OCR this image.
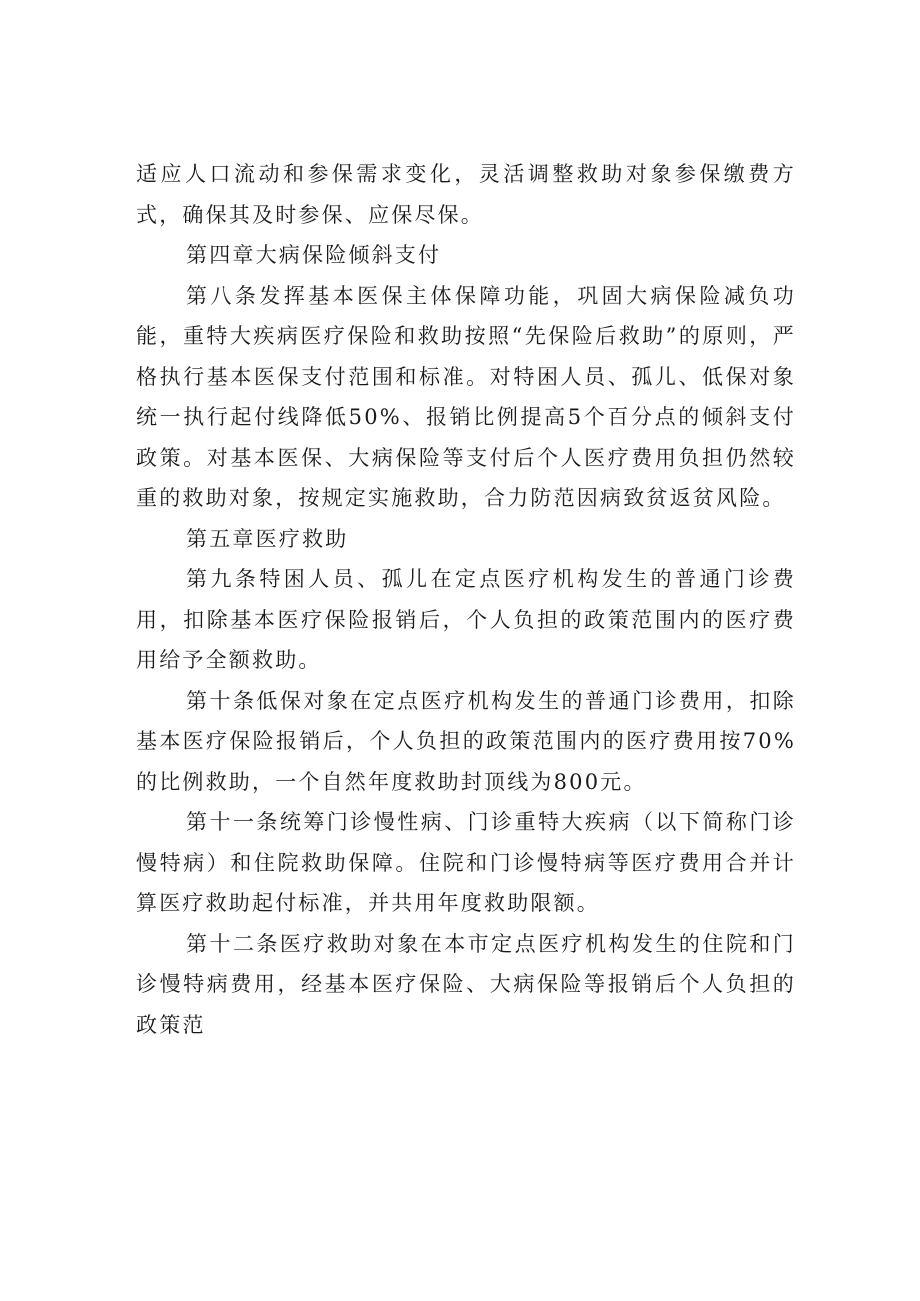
适应人口流动和参保需求变化，灵活调整救助对象参保缴费方式，确保其及时参保、应保尽保。

第四章大病保险倾斜支付

第八条发挥基本医保主体保障功能，巩固大病保险减负功能，重特大疾病医疗保险和救助按照“先保险后救助”的原则，严格执行基本医保支付范围和标准。对特困人员、孤儿、低保对象统一执行起付线降低50%、报销比例提高5个百分点的倾斜支付政策。对基本医保、大病保险等支付后个人医疗费用负担仍然较重的救助对象，按规定实施救助，合力防范因病致贫返贫风险。

第五章医疗救助

第九条特困人员、孤儿在定点医疗机构发生的普通门诊费用，扣除基本医疗保险报销后，个人负担的政策范围内的医疗费用给予全额救助。

第十条低保对象在定点医疗机构发生的普通门诊费用，扣除基本医疗保险报销后，个人负担的政策范围内的医疗费用按70%的比例救助，一个自然年度救助封顶线为800元。

第十一条统筹门诊慢性病、门诊重特大疾病（以下简称门诊慢特病）和住院救助保障。住院和门诊慢特病等医疗费用合并计算医疗救助起付标准，并共用年度救助限额。

第十二条医疗救助对象在本市定点医疗机构发生的住院和门诊慢特病费用，经基本医疗保险、大病保险等报销后个人负担的政策范
